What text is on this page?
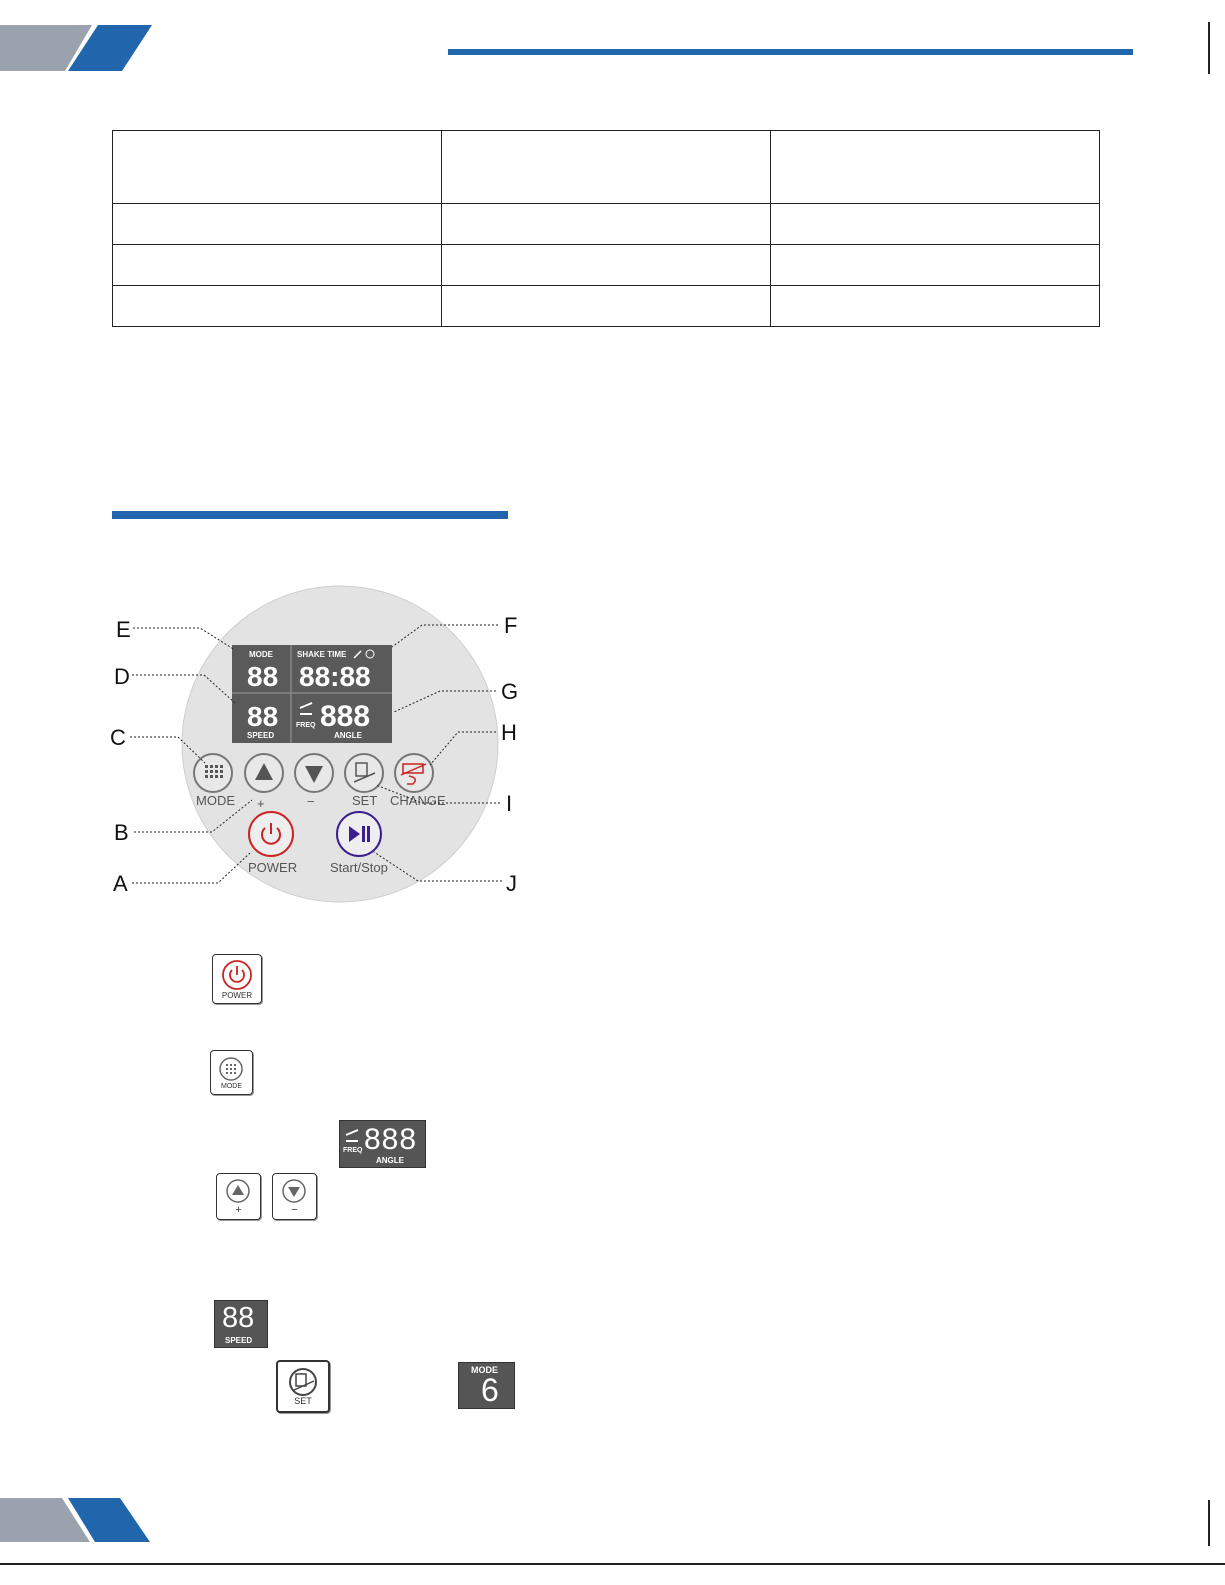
MODE
88
SHAKE TIME
88:88
88
SPEED
FREQ 888
ANGLE
MODE +	−	SET CHANGE
POWER	Start/Stop
E
D
C
B
A
F
G
H
I
J
POWER
MODE
FREQ 888
ANGLE
+	−
88
SPEED
SET
MODE
6
